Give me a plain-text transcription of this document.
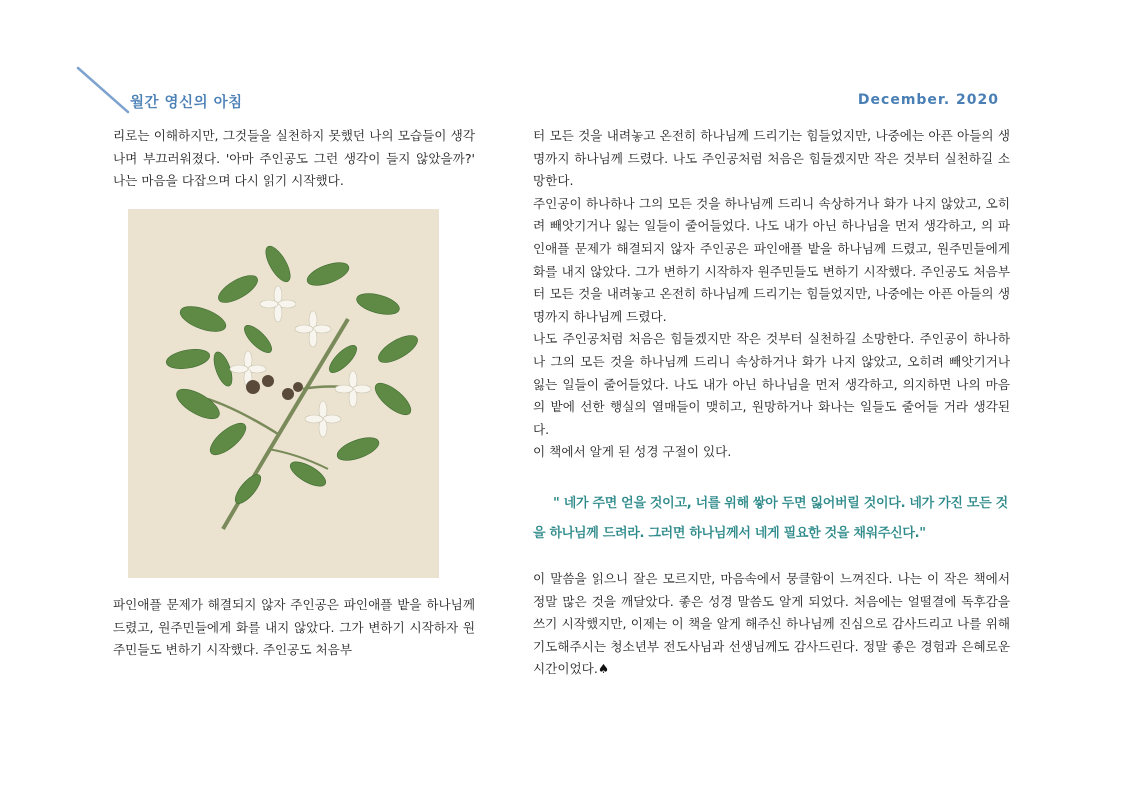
월간 영신의 아침	December. 2020

리로는 이해하지만, 그것들을 실천하지 못했던 나의 모습들이 생각나며 부끄러워졌다. '아마 주인공도 그런 생각이 들지 않았을까?' 나는 마음을 다잡으며 다시 읽기 시작했다.

파인애플 문제가 해결되지 않자 주인공은 파인애플 밭을 하나님께 드렸고, 원주민들에게 화를 내지 않았다. 그가 변하기 시작하자 원주민들도 변하기 시작했다. 주인공도 처음부

터 모든 것을 내려놓고 온전히 하나님께 드리기는 힘들었지만, 나중에는 아픈 아들의 생명까지 하나님께 드렸다. 나도 주인공처럼 처음은 힘들겠지만 작은 것부터 실천하길 소망한다.
주인공이 하나하나 그의 모든 것을 하나님께 드리니 속상하거나 화가 나지 않았고, 오히려 빼앗기거나 잃는 일들이 줄어들었다. 나도 내가 아닌 하나님을 먼저 생각하고, 의 파인애플 문제가 해결되지 않자 주인공은 파인애플 밭을 하나님께 드렸고, 원주민들에게 화를 내지 않았다. 그가 변하기 시작하자 원주민들도 변하기 시작했다. 주인공도 처음부터 모든 것을 내려놓고 온전히 하나님께 드리기는 힘들었지만, 나중에는 아픈 아들의 생명까지 하나님께 드렸다.
나도 주인공처럼 처음은 힘들겠지만 작은 것부터 실천하길 소망한다. 주인공이 하나하나 그의 모든 것을 하나님께 드리니 속상하거나 화가 나지 않았고, 오히려 빼앗기거나 잃는 일들이 줄어들었다. 나도 내가 아닌 하나님을 먼저 생각하고, 의지하면 나의 마음의 밭에 선한 행실의 열매들이 맺히고, 원망하거나 화나는 일들도 줄어들 거라 생각된다.
이 책에서 알게 된 성경 구절이 있다.

" 네가 주면 얻을 것이고, 너를 위해 쌓아 두면 잃어버릴 것이다. 네가 가진 모든 것을 하나님께 드려라. 그러면 하나님께서 네게 필요한 것을 채워주신다."

이 말씀을 읽으니 잘은 모르지만, 마음속에서 뭉클함이 느껴진다. 나는 이 작은 책에서 정말 많은 것을 깨달았다. 좋은 성경 말씀도 알게 되었다. 처음에는 얼떨결에 독후감을 쓰기 시작했지만, 이제는 이 책을 알게 해주신 하나님께 진심으로 감사드리고 나를 위해 기도해주시는 청소년부 전도사님과 선생님께도 감사드린다. 정말 좋은 경험과 은혜로운 시간이었다.♠
